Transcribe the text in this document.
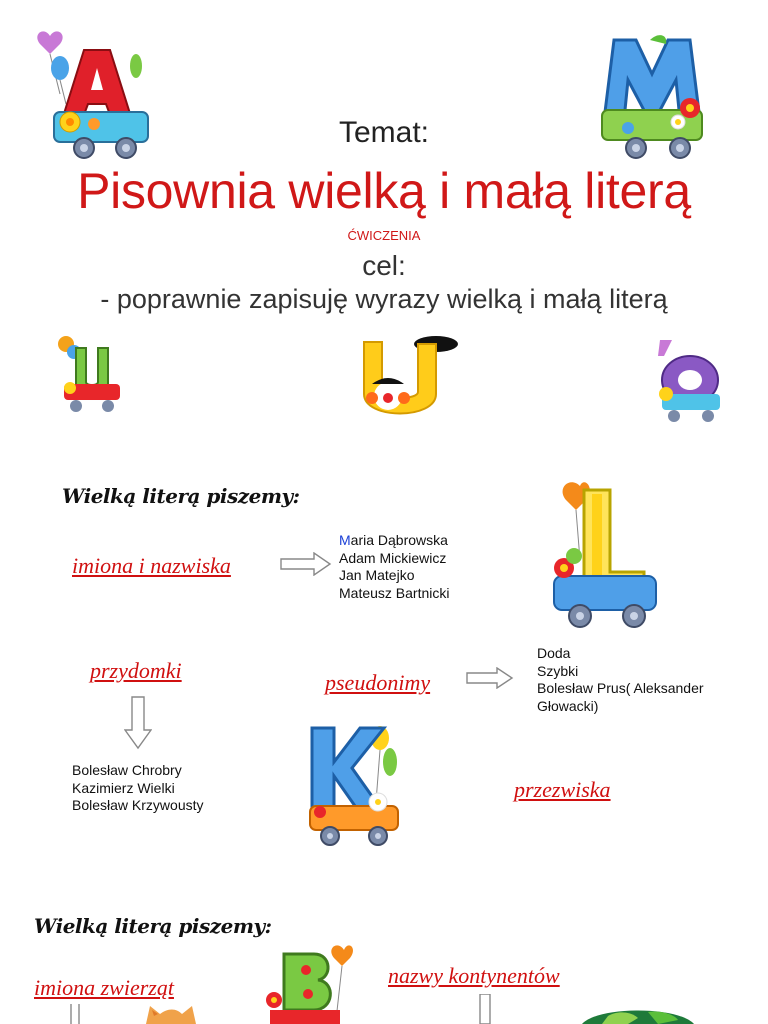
Temat:
Pisownia wielką i małą literą
ĆWICZENIA
cel:
- poprawnie zapisuję wyrazy wielką i małą literą
Wielką literą piszemy:
imiona i nazwiska
Maria Dąbrowska
Adam Mickiewicz
Jan Matejko
Mateusz Bartnicki
przydomki
Bolesław Chrobry
Kazimierz Wielki
Bolesław Krzywousty
pseudonimy
Doda
Szybki
Bolesław Prus( Aleksander
Głowacki)
przezwiska
Wielką literą piszemy:
imiona zwierząt	nazwy kontynentów
